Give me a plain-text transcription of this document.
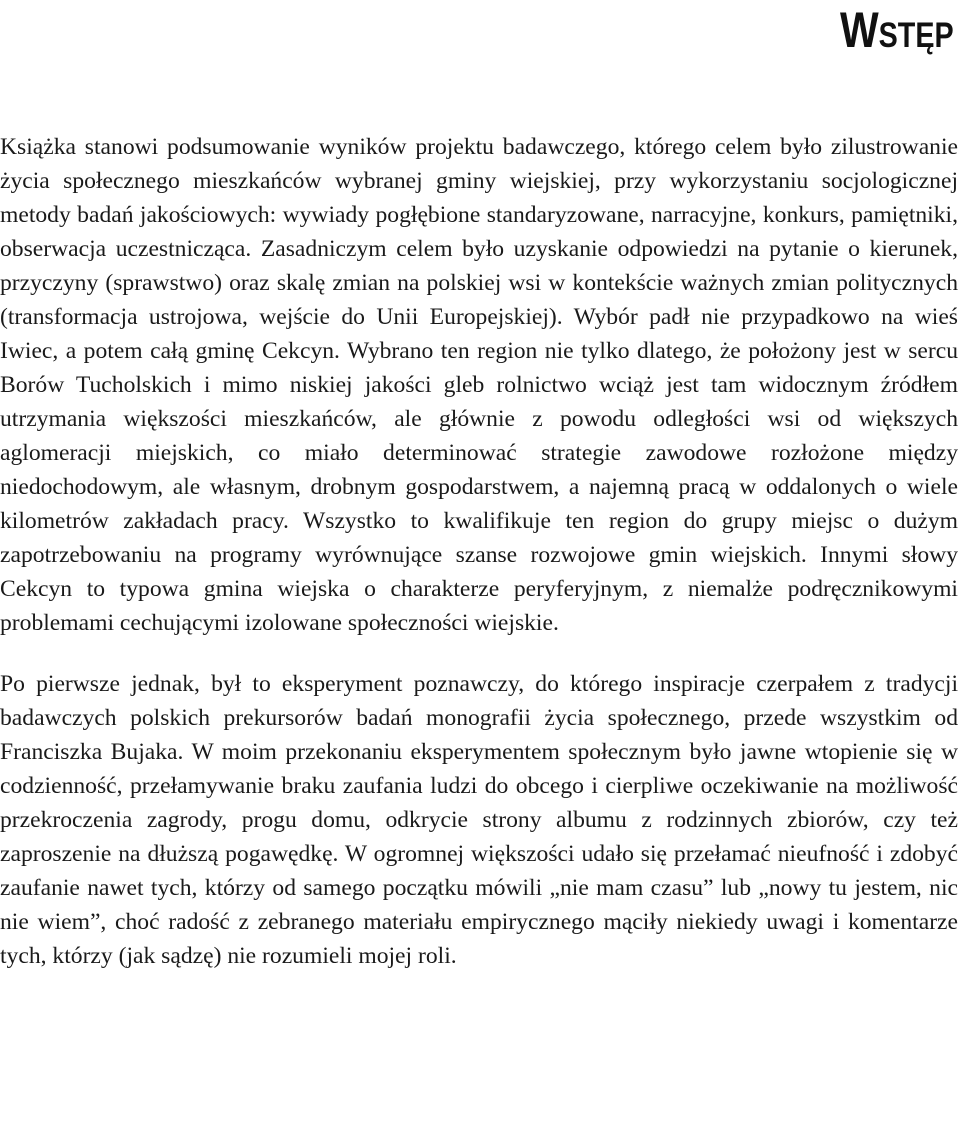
Wstęp

Książka stanowi podsumowanie wyników projektu badawczego, którego celem było zilustrowanie życia społecznego mieszkańców wybranej gminy wiejskiej, przy wykorzystaniu socjologicznej metody badań jakościowych: wywiady pogłębione standaryzowane, narracyjne, konkurs, pamiętniki, obserwacja uczestnicząca. Zasadniczym celem było uzyskanie odpowiedzi na pytanie o kierunek, przyczyny (sprawstwo) oraz skalę zmian na polskiej wsi w kontekście ważnych zmian politycznych (transformacja ustrojowa, wejście do Unii Europejskiej). Wybór padł nie przypadkowo na wieś Iwiec, a potem całą gminę Cekcyn. Wybrano ten region nie tylko dlatego, że położony jest w sercu Borów Tucholskich i mimo niskiej jakości gleb rolnictwo wciąż jest tam widocznym źródłem utrzymania większości mieszkańców, ale głównie z powodu odległości wsi od większych aglomeracji miejskich, co miało determinować strategie zawodowe rozłożone między niedochodowym, ale własnym, drobnym gospodarstwem, a najemną pracą w oddalonych o wiele kilometrów zakładach pracy. Wszystko to kwalifikuje ten region do grupy miejsc o dużym zapotrzebowaniu na programy wyrównujące szanse rozwojowe gmin wiejskich. Innymi słowy Cekcyn to typowa gmina wiejska o charakterze peryferyjnym, z niemalże podręcznikowymi problemami cechującymi izolowane społeczności wiejskie.

Po pierwsze jednak, był to eksperyment poznawczy, do którego inspiracje czerpałem z tradycji badawczych polskich prekursorów badań monografii życia społecznego, przede wszystkim od Franciszka Bujaka. W moim przekonaniu eksperymentem społecznym było jawne wtopienie się w codzienność, przełamywanie braku zaufania ludzi do obcego i cierpliwe oczekiwanie na możliwość przekroczenia zagrody, progu domu, odkrycie strony albumu z rodzinnych zbiorów, czy też zaproszenie na dłuższą pogawędkę. W ogromnej większości udało się przełamać nieufność i zdobyć zaufanie nawet tych, którzy od samego początku mówili „nie mam czasu” lub „nowy tu jestem, nic nie wiem”, choć radość z zebranego materiału empirycznego mąciły niekiedy uwagi i komentarze tych, którzy (jak sądzę) nie rozumieli mojej roli.
